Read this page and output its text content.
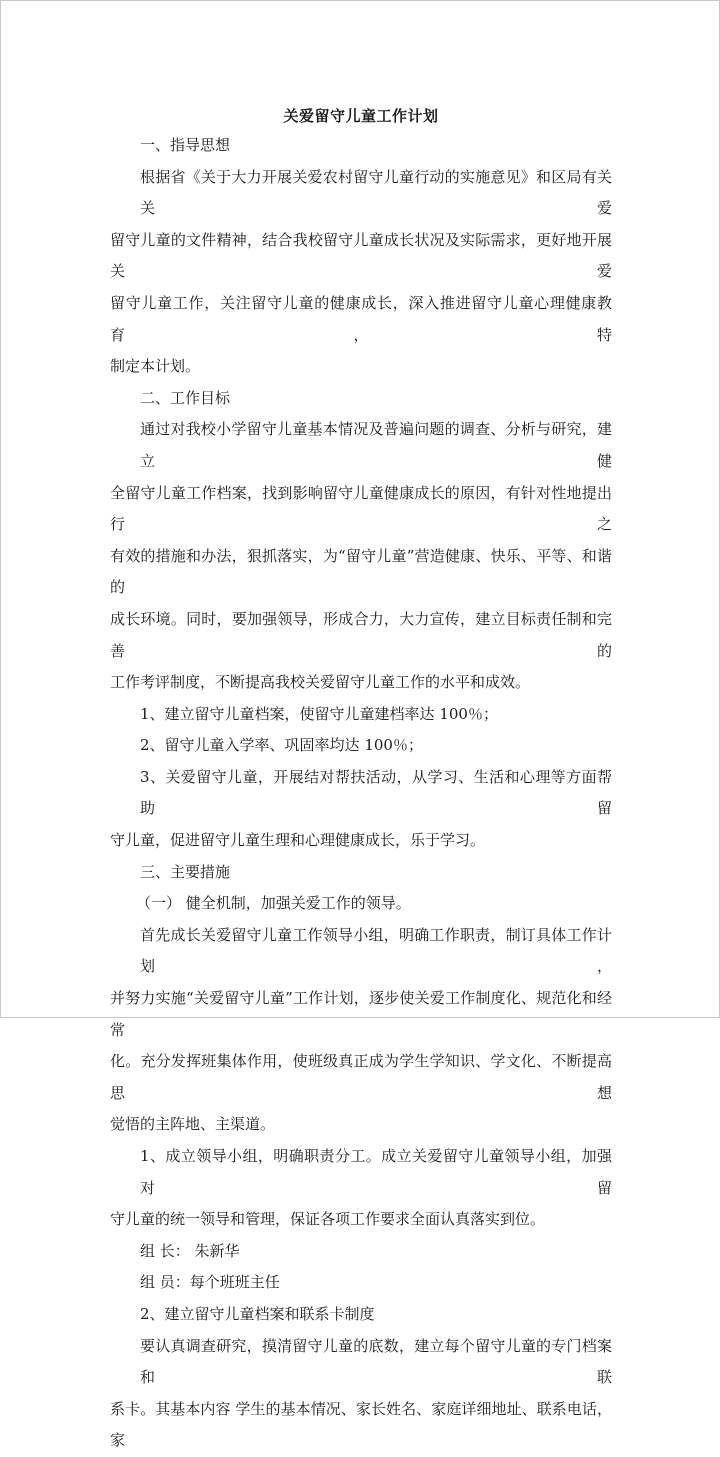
关爱留守儿童工作计划

一、指导思想

根据省《关于大力开展关爱农村留守儿童行动的实施意见》和区局有关关爱

留守儿童的文件精神，结合我校留守儿童成长状况及实际需求，更好地开展关爱

留守儿童工作，关注留守儿童的健康成长，深入推进留守儿童心理健康教育，特

制定本计划。

二、工作目标

通过对我校小学留守儿童基本情况及普遍问题的调查、分析与研究，建立健

全留守儿童工作档案，找到影响留守儿童健康成长的原因，有针对性地提出行之

有效的措施和办法，狠抓落实，为“留守儿童”营造健康、快乐、平等、和谐的

成长环境。同时，要加强领导，形成合力，大力宣传，建立目标责任制和完善的

工作考评制度，不断提高我校关爱留守儿童工作的水平和成效。

1、建立留守儿童档案，使留守儿童建档率达 100％；

2、留守儿童入学率、巩固率均达 100％；

3、关爱留守儿童，开展结对帮扶活动，从学习、生活和心理等方面帮助留

守儿童，促进留守儿童生理和心理健康成长，乐于学习。

三、主要措施

（一） 健全机制，加强关爱工作的领导。

首先成长关爱留守儿童工作领导小组，明确工作职责，制订具体工作计划，

并努力实施“关爱留守儿童”工作计划，逐步使关爱工作制度化、规范化和经常

化。充分发挥班集体作用，使班级真正成为学生学知识、学文化、不断提高思想

觉悟的主阵地、主渠道。

1、成立领导小组，明确职责分工。成立关爱留守儿童领导小组，加强对留

守儿童的统一领导和管理，保证各项工作要求全面认真落实到位。

组 长： 朱新华

组 员：每个班班主任

2、建立留守儿童档案和联系卡制度

要认真调查研究，摸清留守儿童的底数，建立每个留守儿童的专门档案和联

系卡。其基本内容 学生的基本情况、家长姓名、家庭详细地址、联系电话，家
